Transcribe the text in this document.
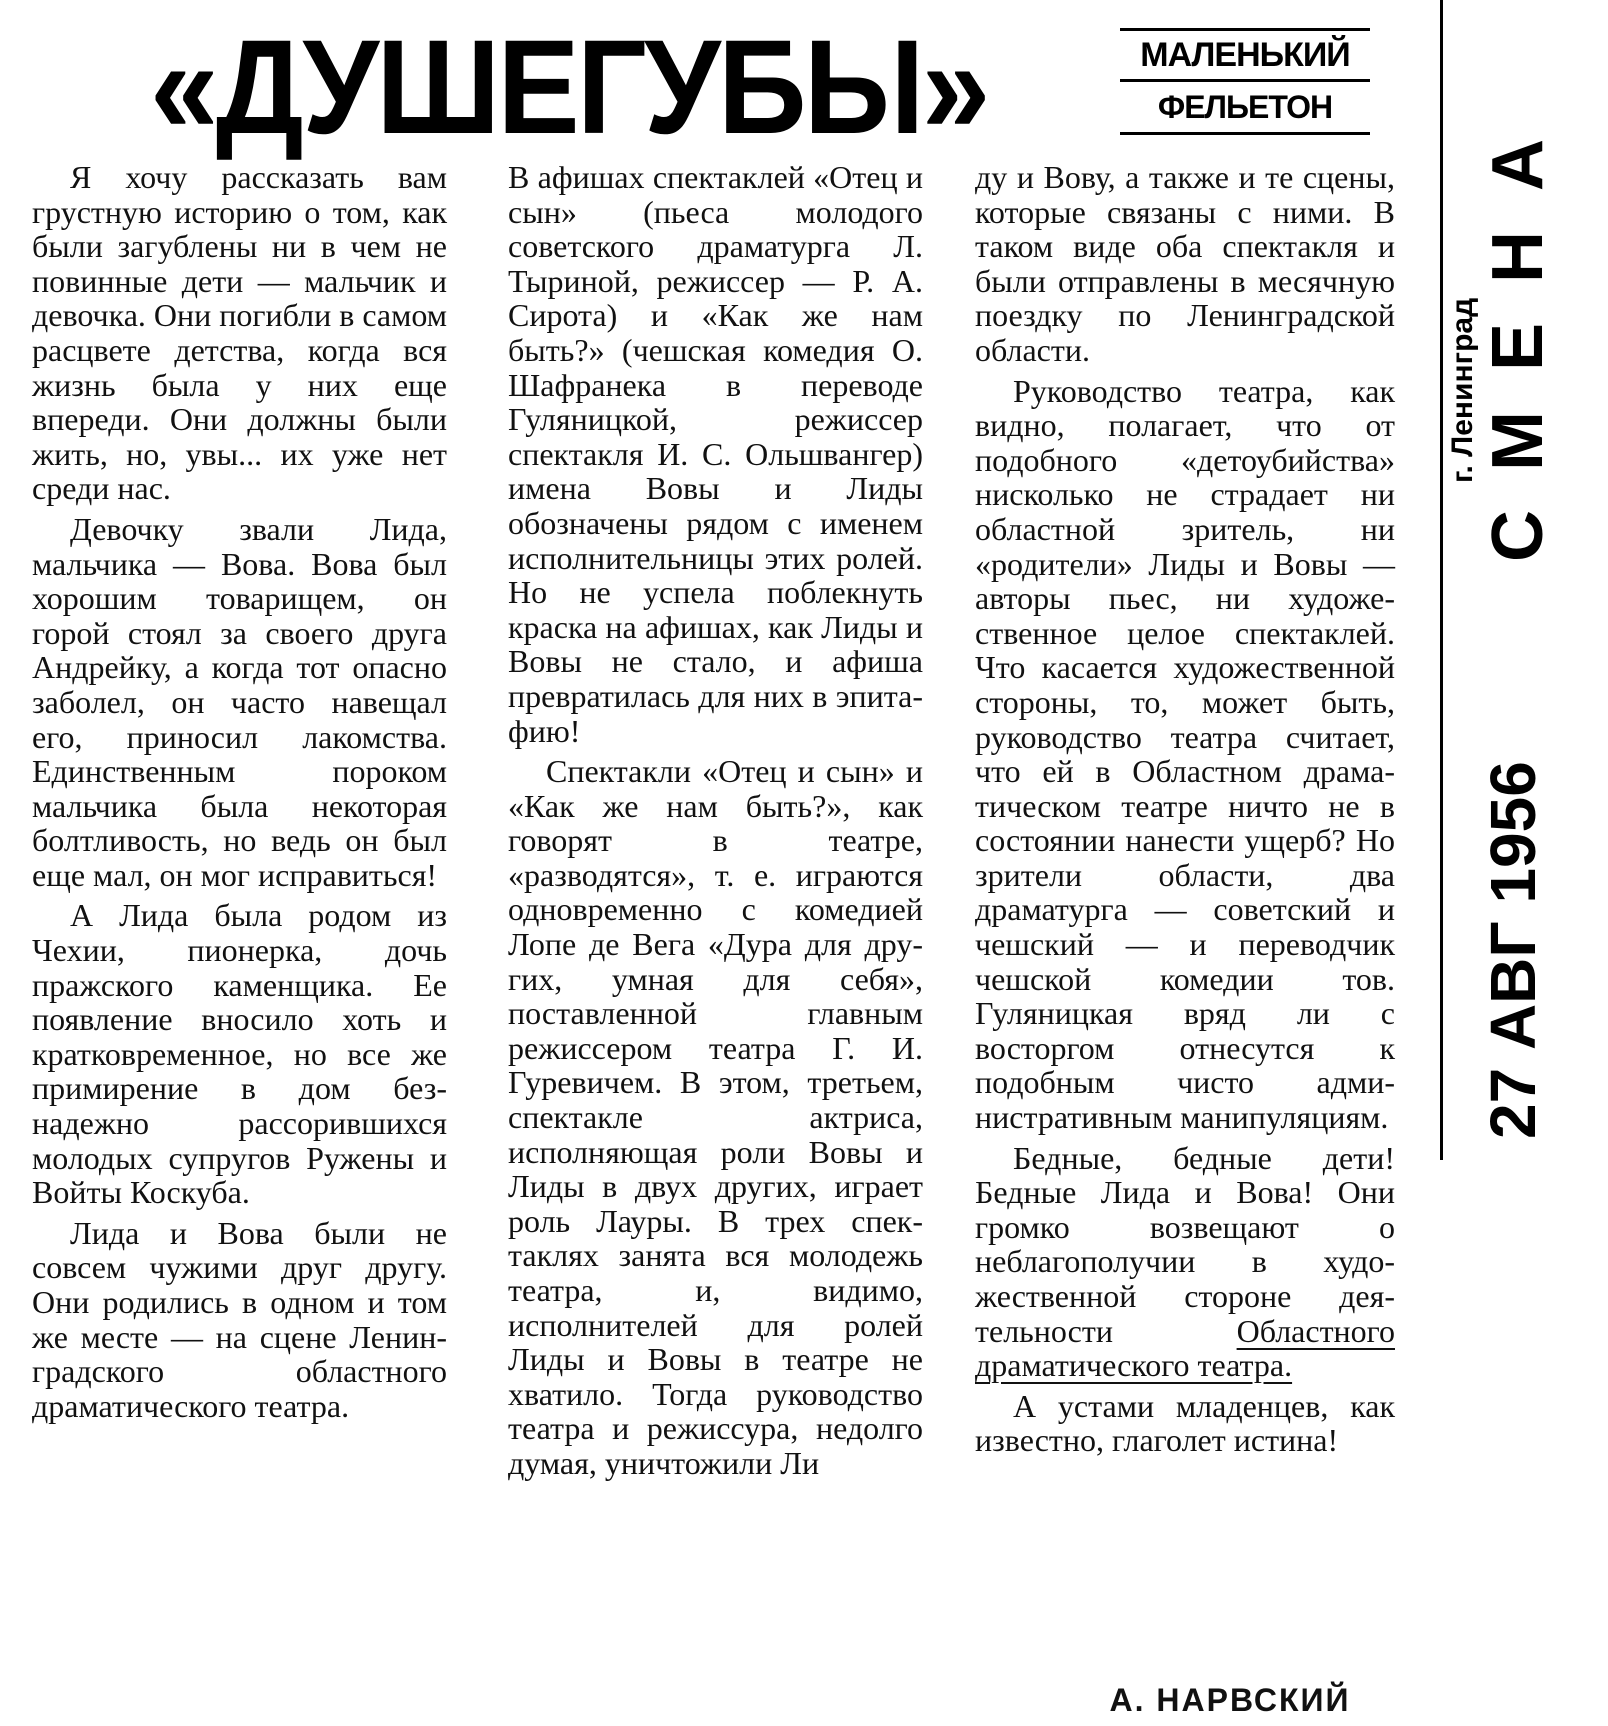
«ДУШЕГУБЫ»	МАЛЕНЬКИЙ
ФЕЛЬЕТОН

Я хочу рассказать вам грустную историю о том, как были загублены ни в чем не повинные дети — мальчик и девочка. Они погибли в самом расцвете детства, когда вся жизнь была у них еще впереди. Они должны были жить, но, увы... их уже нет среди нас.

Девочку звали Лида, мальчика — Вова. Вова был хорошим товарищем, он горой стоял за своего друга Андрейку, а когда тот опасно заболел, он часто навещал его, приносил лакомства. Единственным пороком мальчика была некоторая болтливость, но ведь он был еще мал, он мог исправиться!

А Лида была родом из Чехии, пионерка, дочь пражского каменщика. Ее появление вносило хоть и кратковременное, но все же примирение в дом безнадежно рассорившихся молодых супругов Ружены и Войты Коскуба.

Лида и Вова были не совсем чужими друг другу. Они родились в одном и том же месте — на сцене Ленинградского областного драматического театра.

В афишах спектаклей «Отец и сын» (пьеса молодого советского драматурга Л. Тыриной, режиссер — Р. А. Сирота) и «Как же нам быть?» (чешская комедия О. Шафранека в переводе Гуляницкой, режиссер спектакля И. С. Ольшвангер) имена Вовы и Лиды обозначены рядом с именем исполнительницы этих ролей. Но не успела поблекнуть краска на афишах, как Лиды и Вовы не стало, и афиша превратилась для них в эпитафию!

Спектакли «Отец и сын» и «Как же нам быть?», как говорят в театре, «разводятся», т. е. играются одновременно с комедией Лопе де Вега «Дура для других, умная для себя», поставленной главным режиссером театра Г. И. Гуревичем. В этом, третьем, спектакле актриса, исполняющая роли Вовы и Лиды в двух других, играет роль Лауры. В трех спектаклях занята вся молодежь театра, и, видимо, исполнителей для ролей Лиды и Вовы в театре не хватило. Тогда руководство театра и режиссура, недолго думая, уничтожили Ли

ду и Вову, а также и те сцены, которые связаны с ними. В таком виде оба спектакля и были отправлены в месячную поездку по Ленинградской области.

Руководство театра, как видно, полагает, что от подобного «детоубийства» нисколько не страдает ни областной зритель, ни «родители» Лиды и Вовы — авторы пьес, ни художественное целое спектаклей. Что касается художественной стороны, то, может быть, руководство театра считает, что ей в Областном драматическом театре ничто не в состоянии нанести ущерб? Но зрители области, два драматурга — советский и чешский — и переводчик чешской комедии тов. Гуляницкая вряд ли с восторгом отнесутся к подобным чисто административным манипуляциям.

Бедные, бедные дети! Бедные Лида и Вова! Они громко возвещают о неблагополучии в художественной стороне деятельности Областного драматического театра.

А устами младенцев, как известно, глаголет истина!

А. НАРВСКИЙ
СМЕНА
г. Ленинград
27 АВГ 1956
